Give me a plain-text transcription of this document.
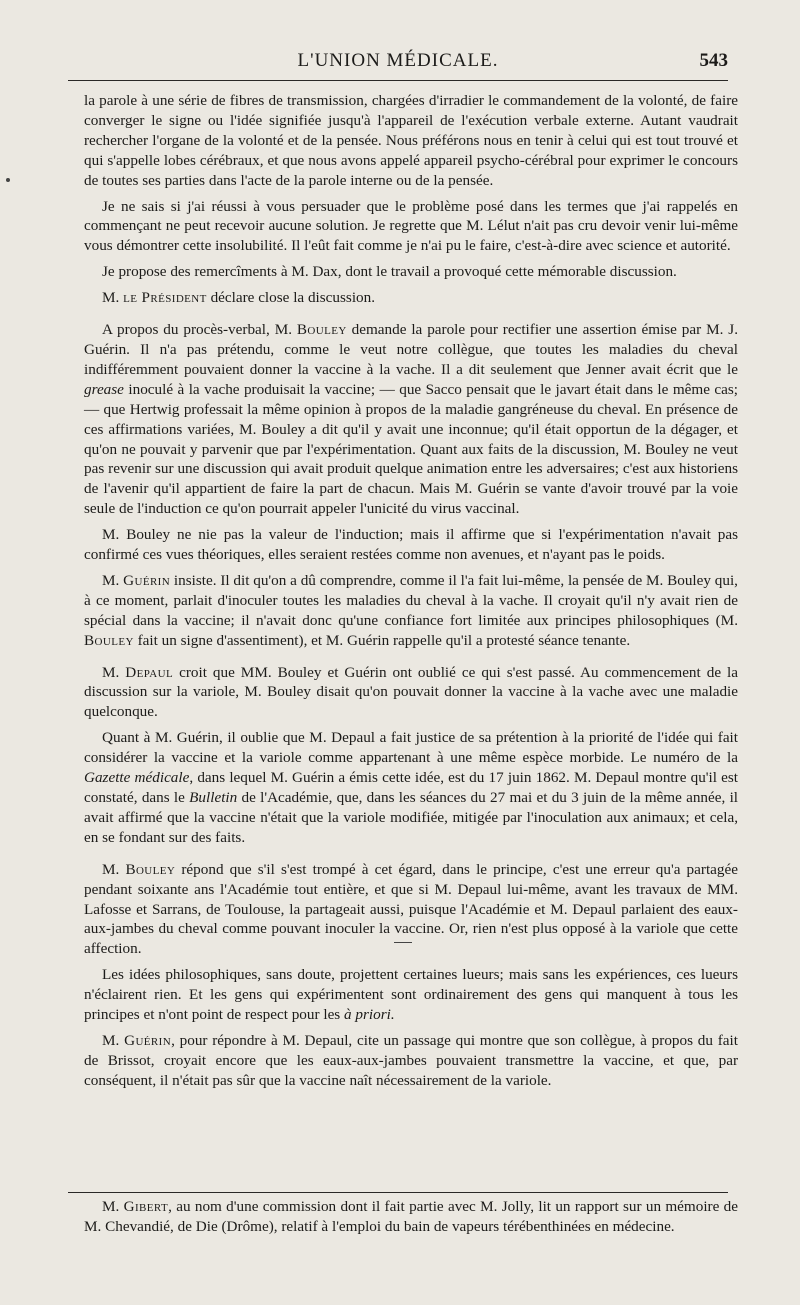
L'UNION MÉDICALE.	543

la parole à une série de fibres de transmission, chargées d'irradier le commandement de la volonté, de faire converger le signe ou l'idée signifiée jusqu'à l'appareil de l'exécution verbale externe. Autant vaudrait rechercher l'organe de la volonté et de la pensée. Nous préférons nous en tenir à celui qui est tout trouvé et qui s'appelle lobes cérébraux, et que nous avons appelé appareil psycho-cérébral pour exprimer le concours de toutes ses parties dans l'acte de la parole interne ou de la pensée.

Je ne sais si j'ai réussi à vous persuader que le problème posé dans les termes que j'ai rappelés en commençant ne peut recevoir aucune solution. Je regrette que M. Lélut n'ait pas cru devoir venir lui-même vous démontrer cette insolubilité. Il l'eût fait comme je n'ai pu le faire, c'est-à-dire avec science et autorité.

Je propose des remercîments à M. Dax, dont le travail a provoqué cette mémorable discussion.

M. le Président déclare close la discussion.

A propos du procès-verbal, M. Bouley demande la parole pour rectifier une assertion émise par M. J. Guérin. Il n'a pas prétendu, comme le veut notre collègue, que toutes les maladies du cheval indifféremment pouvaient donner la vaccine à la vache. Il a dit seulement que Jenner avait écrit que le grease inoculé à la vache produisait la vaccine; — que Sacco pensait que le javart était dans le même cas; — que Hertwig professait la même opinion à propos de la maladie gangréneuse du cheval. En présence de ces affirmations variées, M. Bouley a dit qu'il y avait une inconnue; qu'il était opportun de la dégager, et qu'on ne pouvait y parvenir que par l'expérimentation. Quant aux faits de la discussion, M. Bouley ne veut pas revenir sur une discussion qui avait produit quelque animation entre les adversaires; c'est aux historiens de l'avenir qu'il appartient de faire la part de chacun. Mais M. Guérin se vante d'avoir trouvé par la voie seule de l'induction ce qu'on pourrait appeler l'unicité du virus vaccinal.

M. Bouley ne nie pas la valeur de l'induction; mais il affirme que si l'expérimentation n'avait pas confirmé ces vues théoriques, elles seraient restées comme non avenues, et n'ayant pas le poids.

M. Guérin insiste. Il dit qu'on a dû comprendre, comme il l'a fait lui-même, la pensée de M. Bouley qui, à ce moment, parlait d'inoculer toutes les maladies du cheval à la vache. Il croyait qu'il n'y avait rien de spécial dans la vaccine; il n'avait donc qu'une confiance fort limitée aux principes philosophiques (M. Bouley fait un signe d'assentiment), et M. Guérin rappelle qu'il a protesté séance tenante.

M. Depaul croit que MM. Bouley et Guérin ont oublié ce qui s'est passé. Au commencement de la discussion sur la variole, M. Bouley disait qu'on pouvait donner la vaccine à la vache avec une maladie quelconque.

Quant à M. Guérin, il oublie que M. Depaul a fait justice de sa prétention à la priorité de l'idée qui fait considérer la vaccine et la variole comme appartenant à une même espèce morbide. Le numéro de la Gazette médicale, dans lequel M. Guérin a émis cette idée, est du 17 juin 1862. M. Depaul montre qu'il est constaté, dans le Bulletin de l'Académie, que, dans les séances du 27 mai et du 3 juin de la même année, il avait affirmé que la vaccine n'était que la variole modifiée, mitigée par l'inoculation aux animaux; et cela, en se fondant sur des faits.

M. Bouley répond que s'il s'est trompé à cet égard, dans le principe, c'est une erreur qu'a partagée pendant soixante ans l'Académie tout entière, et que si M. Depaul lui-même, avant les travaux de MM. Lafosse et Sarrans, de Toulouse, la partageait aussi, puisque l'Académie et M. Depaul parlaient des eaux-aux-jambes du cheval comme pouvant inoculer la vaccine. Or, rien n'est plus opposé à la variole que cette affection.

Les idées philosophiques, sans doute, projettent certaines lueurs; mais sans les expériences, ces lueurs n'éclairent rien. Et les gens qui expérimentent sont ordinairement des gens qui manquent à tous les principes et n'ont point de respect pour les à priori.

M. Guérin, pour répondre à M. Depaul, cite un passage qui montre que son collègue, à propos du fait de Brissot, croyait encore que les eaux-aux-jambes pouvaient transmettre la vaccine, et que, par conséquent, il n'était pas sûr que la vaccine naît nécessairement de la variole.

M. Gibert, au nom d'une commission dont il fait partie avec M. Jolly, lit un rapport sur un mémoire de M. Chevandié, de Die (Drôme), relatif à l'emploi du bain de vapeurs térébenthinées en médecine.
